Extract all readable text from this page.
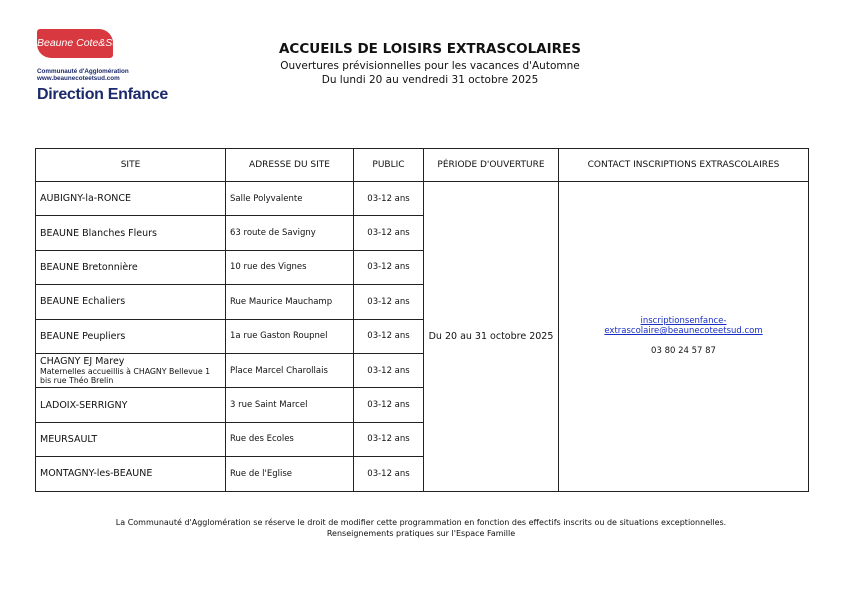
Beaune Cote&Sud
Communauté d'Agglomération
www.beaunecoteetsud.com
Direction Enfance
ACCUEILS DE LOISIRS EXTRASCOLAIRES
Ouvertures prévisionnelles pour les vacances d'Automne
Du lundi 20 au vendredi 31 octobre 2025
SITE	ADRESSE DU SITE	PUBLIC	PÉRIODE D'OUVERTURE	CONTACT INSCRIPTIONS EXTRASCOLAIRES

AUBIGNY-la-RONCE	Salle Polyvalente	03-12 ans	Du 20 au 31 octobre 2025	inscriptionsenfance-extrascolaire@beaunecoteetsud.com
03 80 24 57 87

BEAUNE Blanches Fleurs	63 route de Savigny	03-12 ans		

BEAUNE Bretonnière	10 rue des Vignes	03-12 ans		

BEAUNE Echaliers	Rue Maurice Mauchamp	03-12 ans		

BEAUNE Peupliers	1a rue Gaston Roupnel	03-12 ans		

CHAGNY EJ Marey
Maternelles accueillis à CHAGNY Bellevue 1 bis rue Théo Brelin	Place Marcel Charollais	03-12 ans		

LADOIX-SERRIGNY	3 rue Saint Marcel	03-12 ans		

MEURSAULT	Rue des Ecoles	03-12 ans		

MONTAGNY-les-BEAUNE	Rue de l'Eglise	03-12 ans		
La Communauté d'Agglomération se réserve le droit de modifier cette programmation en fonction des effectifs inscrits ou de situations exceptionnelles.
Renseignements pratiques sur l'Espace Famille
